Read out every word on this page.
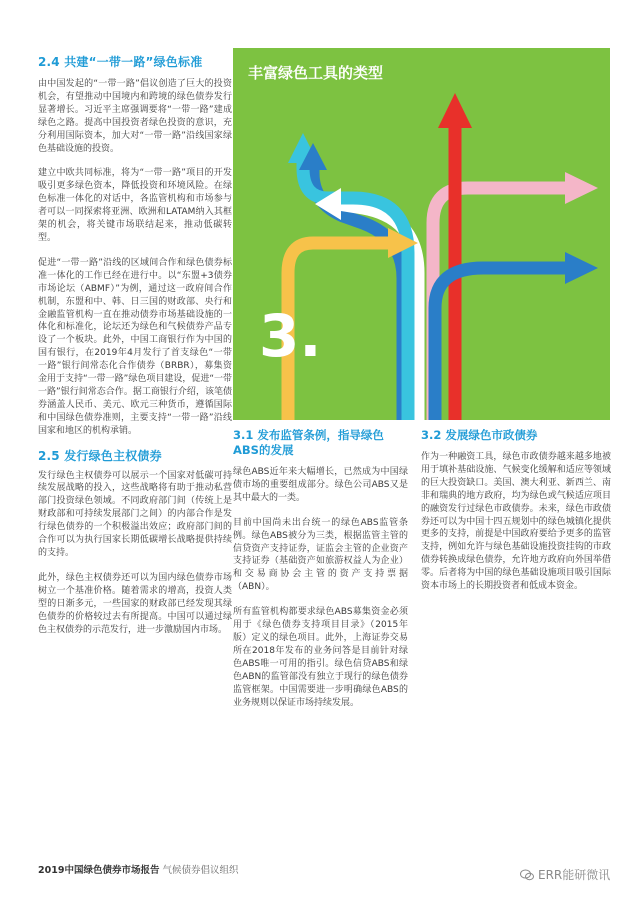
2.4 共建“一带一路”绿色标准

由中国发起的“一带一路”倡议创造了巨大的投资机会，有望推动中国境内和跨境的绿色债券发行显著增长。习近平主席强调要将“一带一路”建成绿色之路。提高中国投资者绿色投资的意识，充分利用国际资本，加大对“一带一路”沿线国家绿色基础设施的投资。

建立中欧共同标准，将为“一带一路”项目的开发吸引更多绿色资本，降低投资和环境风险。在绿色标准一体化的对话中，各监管机构和市场参与者可以一同探索将亚洲、欧洲和LATAM纳入其框架的机会，将关键市场联结起来，推动低碳转型。

促进“一带一路”沿线的区域间合作和绿色债券标准一体化的工作已经在进行中。以“东盟+3债券市场论坛（ABMF）”为例，通过这一政府间合作机制，东盟和中、韩、日三国的财政部、央行和金融监管机构一直在推动债券市场基础设施的一体化和标准化，论坛还为绿色和气候债券产品专设了一个板块。此外，中国工商银行作为中国的国有银行，在2019年4月发行了首支绿色“一带一路”银行间常态化合作债券（BRBR），募集资金用于支持“一带一路”绿色项目建设，促进“一带一路”银行间常态合作。据工商银行介绍，该笔债券涵盖人民币、美元、欧元三种货币，遵循国际和中国绿色债券准则，主要支持“一带一路”沿线国家和地区的机构承销。

2.5 发行绿色主权债券

发行绿色主权债券可以展示一个国家对低碳可持续发展战略的投入，这些战略将有助于推动私营部门投资绿色领域。不同政府部门间（传统上是财政部和可持续发展部门之间）的内部合作是发行绿色债券的一个积极溢出效应；政府部门间的合作可以为执行国家长期低碳增长战略提供持续的支持。

此外，绿色主权债券还可以为国内绿色债券市场树立一个基准价格。随着需求的增高，投资人类型的日渐多元，一些国家的财政部已经发现其绿色债券的价格较过去有所提高。中国可以通过绿色主权债券的示范发行，进一步激励国内市场。

丰富绿色工具的类型
3.
3.1 发布监管条例，指导绿色ABS的发展

绿色ABS近年来大幅增长，已然成为中国绿债市场的重要组成部分。绿色公司ABS又是其中最大的一类。

目前中国尚未出台统一的绿色ABS监管条例。绿色ABS被分为三类，根据监管主管的信贷资产支持证券，证监会主管的企业资产支持证券（基础资产如旅游权益人为企业）和交易商协会主管的资产支持票据（ABN）。

所有监管机构都要求绿色ABS募集资金必须用于《绿色债券支持项目目录》（2015年版）定义的绿色项目。此外，上海证券交易所在2018年发布的业务问答是目前针对绿色ABS唯一可用的指引。绿色信贷ABS和绿色ABN的监管部没有独立于现行的绿色债券监管框架。中国需要进一步明确绿色ABS的业务规则以保证市场持续发展。

3.2 发展绿色市政债券

作为一种融资工具，绿色市政债券越来越多地被用于填补基础设施、气候变化缓解和适应等领域的巨大投资缺口。美国、澳大利亚、新西兰、南非和瑞典的地方政府，均为绿色或气候适应项目的融资发行过绿色市政债券。未来，绿色市政债券还可以为中国十四五规划中的绿色城镇化提供更多的支持，前提是中国政府要给予更多的监管支持，例如允许与绿色基础设施投资挂钩的市政债券转换成绿色债券，允许地方政府向外国举借零。后者将为中国的绿色基础设施项目吸引国际资本市场上的长期投资者和低成本资金。

2019中国绿色债券市场报告 气候债券倡议组织	ERR能研微讯
